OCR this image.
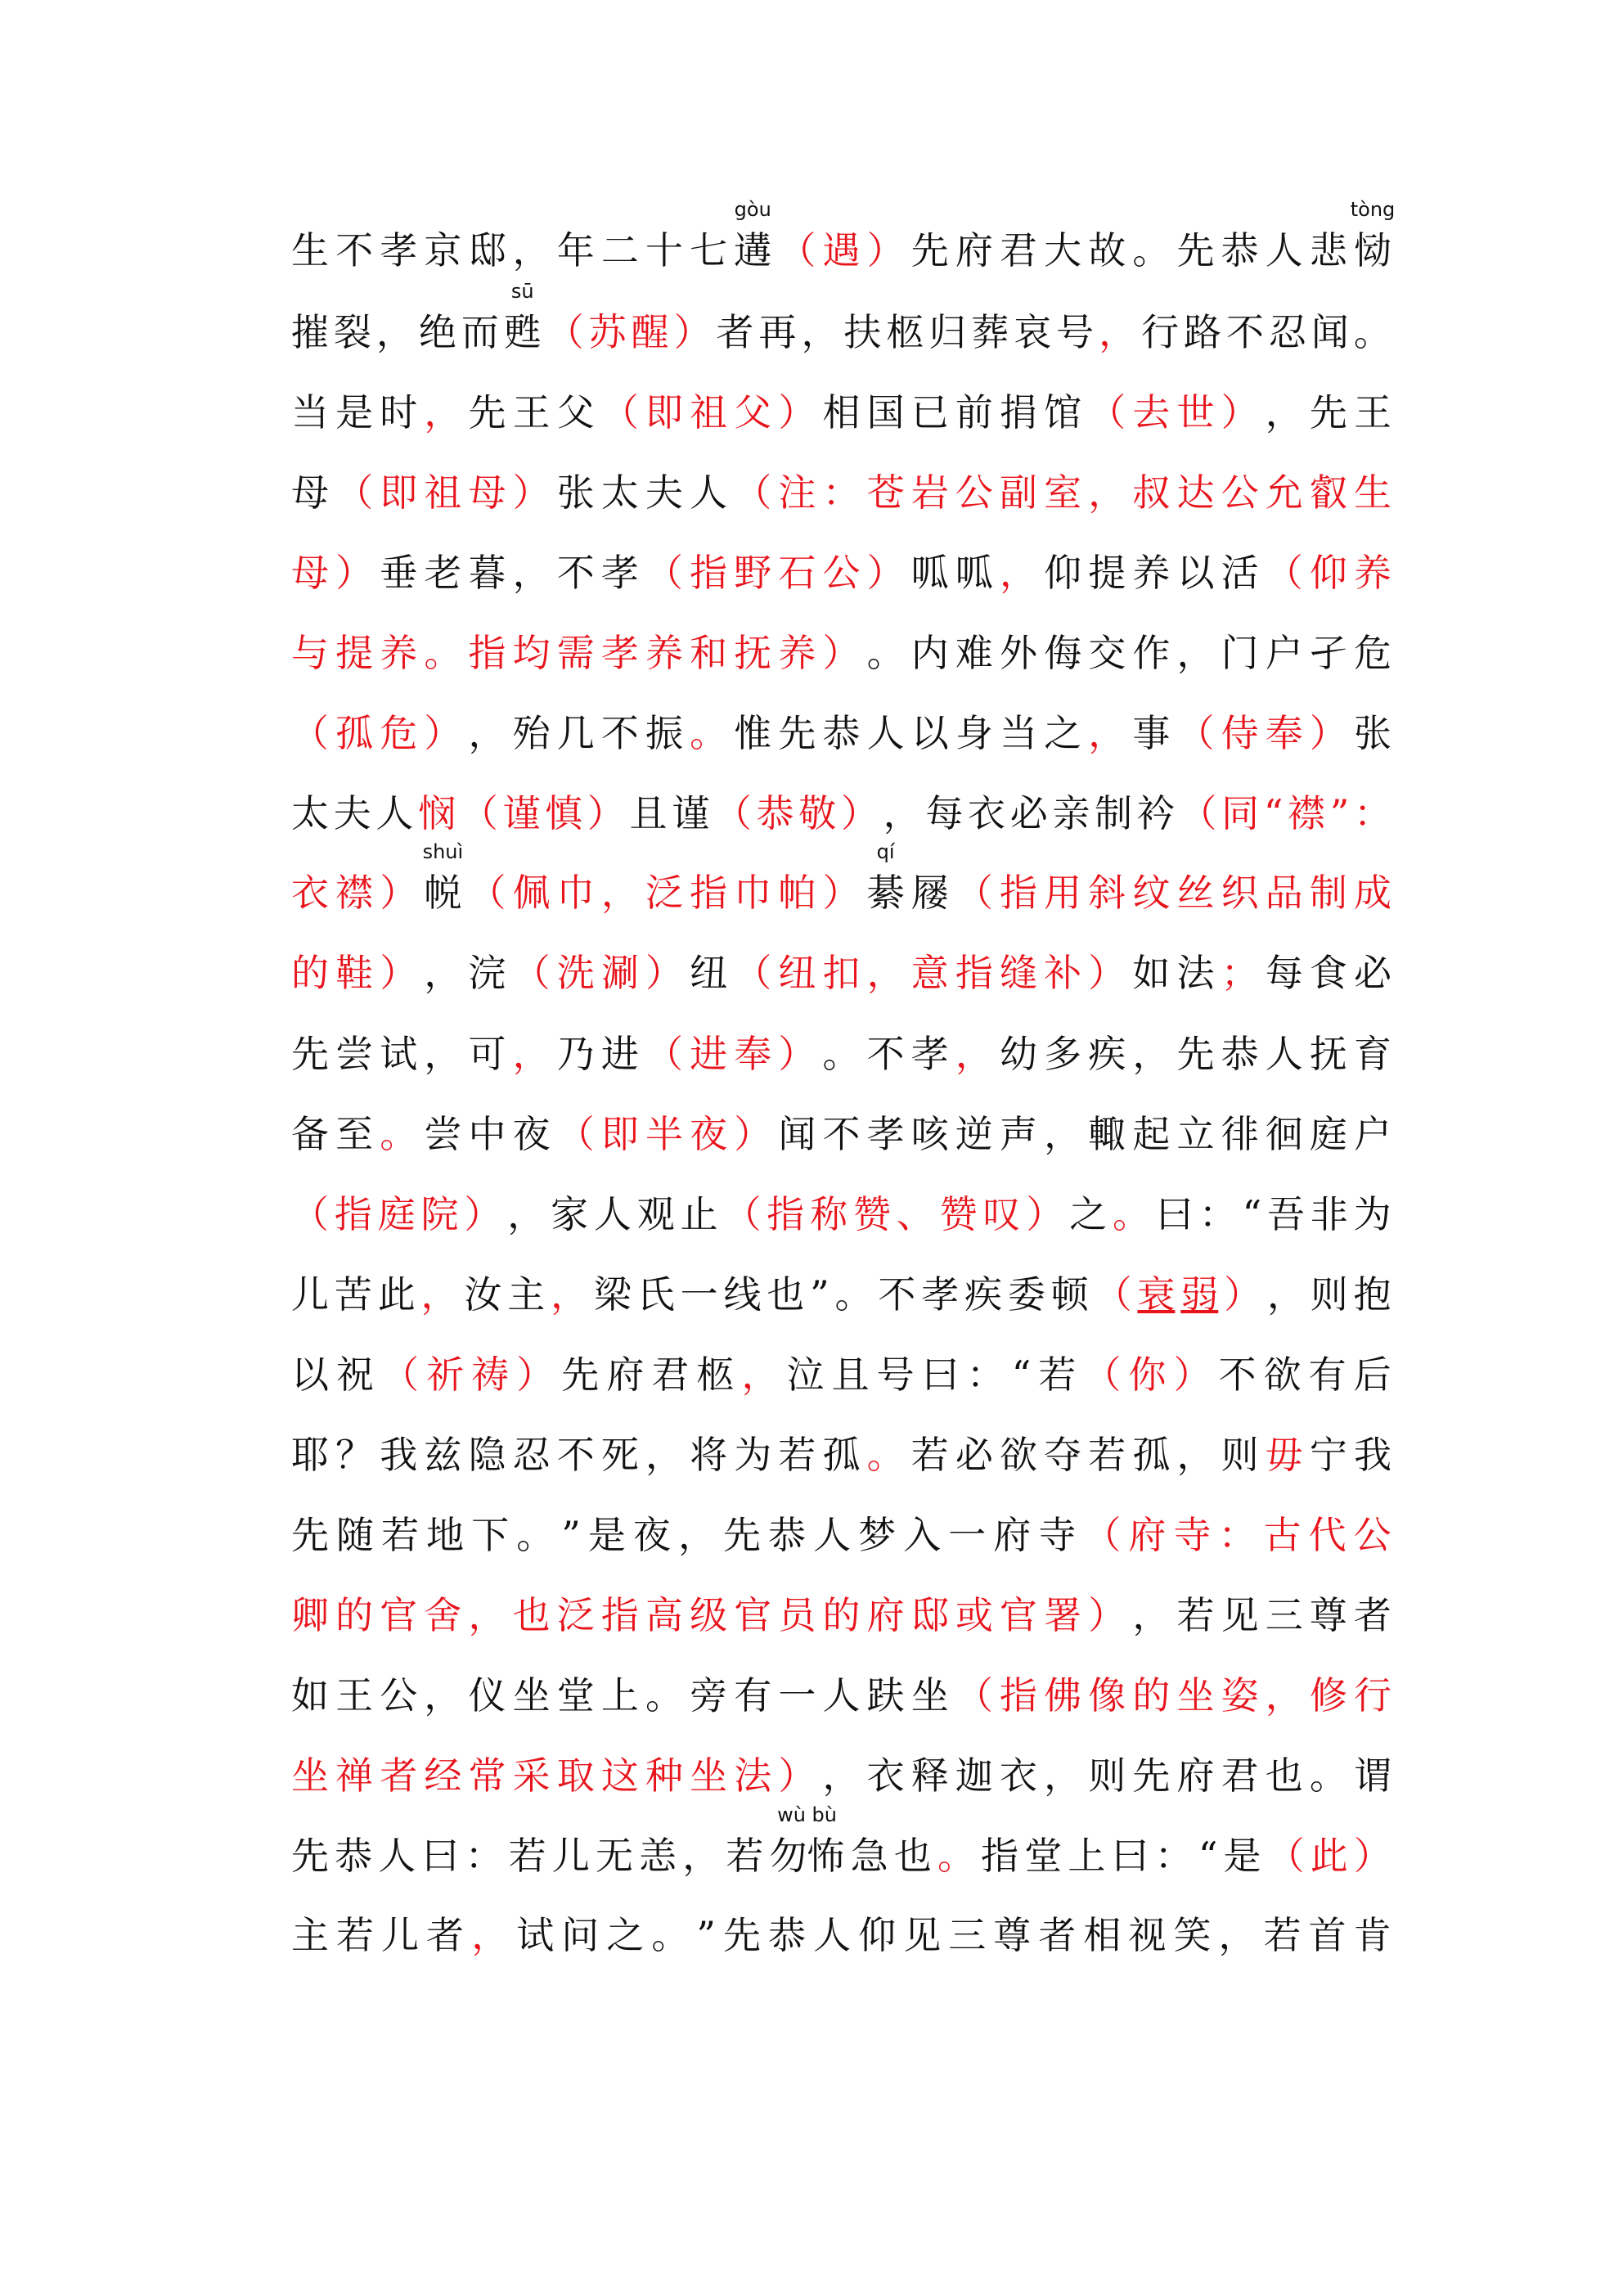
生 不 孝 京 邸 ， 年 二 十 七 遘
gòu
（ 遇 ） 先 府 君 大 故 。 先 恭 人 悲 恸
tòng
摧 裂 ， 绝 而 甦
sū
（ 苏 醒 ） 者 再 ， 扶 柩 归 葬 哀 号 ， 行 路 不 忍 闻 。
当 是 时 ， 先 王 父 （ 即 祖 父 ） 相 国 已 前 捐 馆 （ 去 世 ） ， 先 王
母 （ 即 祖 母 ） 张 太 夫 人 （ 注 ： 苍 岩 公 副 室 ， 叔 达 公 允 叡 生
母 ） 垂 老 暮 ， 不 孝 （ 指 野 石 公 ） 呱 呱 ， 仰 提 养 以 活 （ 仰 养
与 提 养 。 指 均 需 孝 养 和 抚 养 ） 。 内 难 外 侮 交 作 ， 门 户 孑 危
（ 孤 危 ） ， 殆 几 不 振 。 惟 先 恭 人 以 身 当 之 ， 事 （ 侍 奉 ） 张
太 夫 人 悯 （ 谨 慎 ） 且 谨 （ 恭 敬 ） ， 每 衣 必 亲 制 衿 （ 同 “ 襟 ” ：
衣 襟 ） 帨
shuì
（ 佩 巾 ， 泛 指 巾 帕 ） 綦
qí
屦 （ 指 用 斜 纹 丝 织 品 制 成
的 鞋 ） ， 浣 （ 洗 涮 ） 纽 （ 纽 扣 ， 意 指 缝 补 ） 如 法 ； 每 食 必
先 尝 试 ， 可 ， 乃 进 （ 进 奉 ） 。 不 孝 ， 幼 多 疾 ， 先 恭 人 抚 育
备 至 。 尝 中 夜 （ 即 半 夜 ） 闻 不 孝 咳 逆 声 ， 輙 起 立 徘 徊 庭 户
（ 指 庭 院 ） ， 家 人 观 止 （ 指 称 赞 、 赞 叹 ） 之 。 曰 ： “ 吾 非 为
儿 苦 此 ， 汝 主 ， 梁 氏 一 线 也 ” 。 不 孝 疾 委 顿 （ 衰 弱 ） ， 则 抱
以 祝 （ 祈 祷 ） 先 府 君 柩 ， 泣 且 号 曰 ： “ 若 （ 你 ） 不 欲 有 后
耶 ？ 我 兹 隐 忍 不 死 ， 将 为 若 孤 。 若 必 欲 夺 若 孤 ， 则 毋 宁 我
先 随 若 地 下 。 ” 是 夜 ， 先 恭 人 梦 入 一 府 寺 （ 府 寺 ： 古 代 公
卿 的 官 舍 ， 也 泛 指 高 级 官 员 的 府 邸 或 官 署 ） ， 若 见 三 尊 者
如 王 公 ， 仪 坐 堂 上 。 旁 有 一 人 趺 坐 （ 指 佛 像 的 坐 姿 ， 修 行
坐 禅 者 经 常 采 取 这 种 坐 法 ） ， 衣 释 迦 衣 ， 则 先 府 君 也 。 谓
先 恭 人 曰 ： 若 儿 无 恙 ， 若 勿怖
wù bù
急 也 。 指 堂 上 曰 ： “ 是 （ 此 ）
主 若 儿 者 ， 试 问 之 。 ” 先 恭 人 仰 见 三 尊 者 相 视 笑 ， 若 首 肯
